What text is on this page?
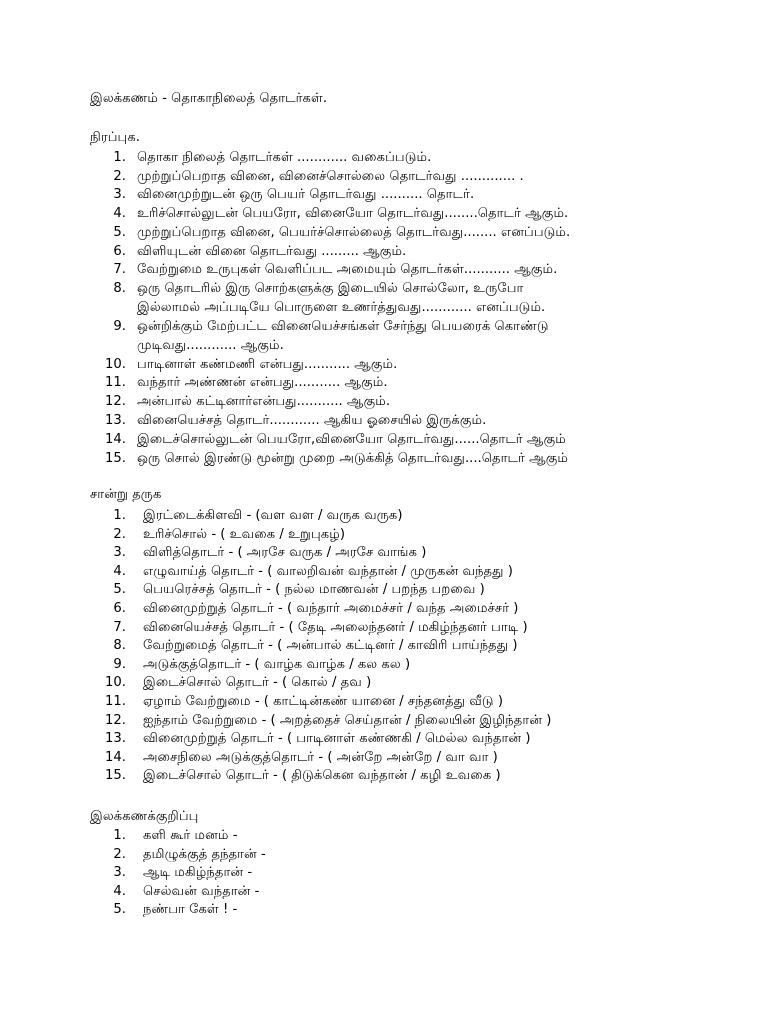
இலக்கணம் - தொகாநிலைத் தொடர்கள்.
நிரப்புக.
சான்று தருக
இலக்கணக்குறிப்பு
1. தொகா நிலைத் தொடர்கள் ............ வகைப்படும்.
2. முற்றுப்பெறாத வினை, வினைச்சொல்லை தொடர்வது ............. .
3. வினைமுற்றுடன் ஒரு பெயர் தொடர்வது .......... தொடர்.
4. உரிச்சொல்லுடன் பெயரோ, வினையோ தொடர்வது........தொடர் ஆகும்.
5. முற்றுப்பெறாத வினை, பெயர்ச்சொல்லைத் தொடர்வது........ எனப்படும்.
6. விளியுடன் வினை தொடர்வது ......... ஆகும்.
7. வேற்றுமை உருபுகள் வெளிப்பட அமையும் தொடர்கள்........... ஆகும்.
8. ஒரு தொடரில் இரு சொற்களுக்கு இடையில் சொல்லோ, உருபோ
இல்லாமல் அப்படியே பொருளை உணர்த்துவது............ எனப்படும்.
9. ஒன்றிக்கும் மேற்பட்ட வினையெச்சங்கள் சேர்ந்து பெயரைக் கொண்டு
முடிவது............ ஆகும்.
10. பாடினாள் கண்மணி என்பது........... ஆகும்.
11. வந்தார் அண்ணன் என்பது........... ஆகும்.
12. அன்பால் கட்டினார்என்பது........... ஆகும்.
13. வினையெச்சத் தொடர்............ ஆகிய ஓசையில் இருக்கும்.
14. இடைச்சொல்லுடன் பெயரோ,வினையோ தொடர்வது......தொடர் ஆகும்
15. ஒரு சொல் இரண்டு மூன்று முறை அடுக்கித் தொடர்வது....தொடர் ஆகும்
1. இரட்டைக்கிளவி - (வள வள / வருக வருக)
2. உரிச்சொல் - ( உவகை / உறுபுகழ்)
3. விளித்தொடர் - ( அரசே வருக / அரசே வாங்க )
4. எழுவாய்த் தொடர் - ( வாலறிவன் வந்தான் / முருகன் வந்தது )
5. பெயரெச்சத் தொடர் - ( நல்ல மாணவன் / பறந்த பறவை )
6. வினைமுற்றுத் தொடர் - ( வந்தார் அமைச்சர் / வந்த அமைச்சர் )
7. வினையெச்சத் தொடர் - ( தேடி அலைந்தனர் / மகிழ்ந்தனர் பாடி )
8. வேற்றுமைத் தொடர் - ( அன்பால் கட்டினர் / காவிரி பாய்ந்தது )
9. அடுக்குத்தொடர் - ( வாழ்க வாழ்க / கல கல )
10. இடைச்சொல் தொடர் - ( கொல் / தவ )
11. ஏழாம் வேற்றுமை - ( காட்டின்கண் யானை / சந்தனத்து வீடு )
12. ஐந்தாம் வேற்றுமை - ( அறத்தைச் செய்தான் / நிலையின் இழிந்தான் )
13. வினைமுற்றுத் தொடர் - ( பாடினாள் கண்ணகி / மெல்ல வந்தான் )
14. அசைநிலை அடுக்குத்தொடர் - ( அன்றே அன்றே / வா வா )
15. இடைச்சொல் தொடர் - ( திடுக்கென வந்தான் / கழி உவகை )
1. களி கூர் மனம் -
2. தமிழுக்குத் தந்தான் -
3. ஆடி மகிழ்ந்தான் -
4. செல்வன் வந்தான் -
5. நண்பா கேள் ! -
